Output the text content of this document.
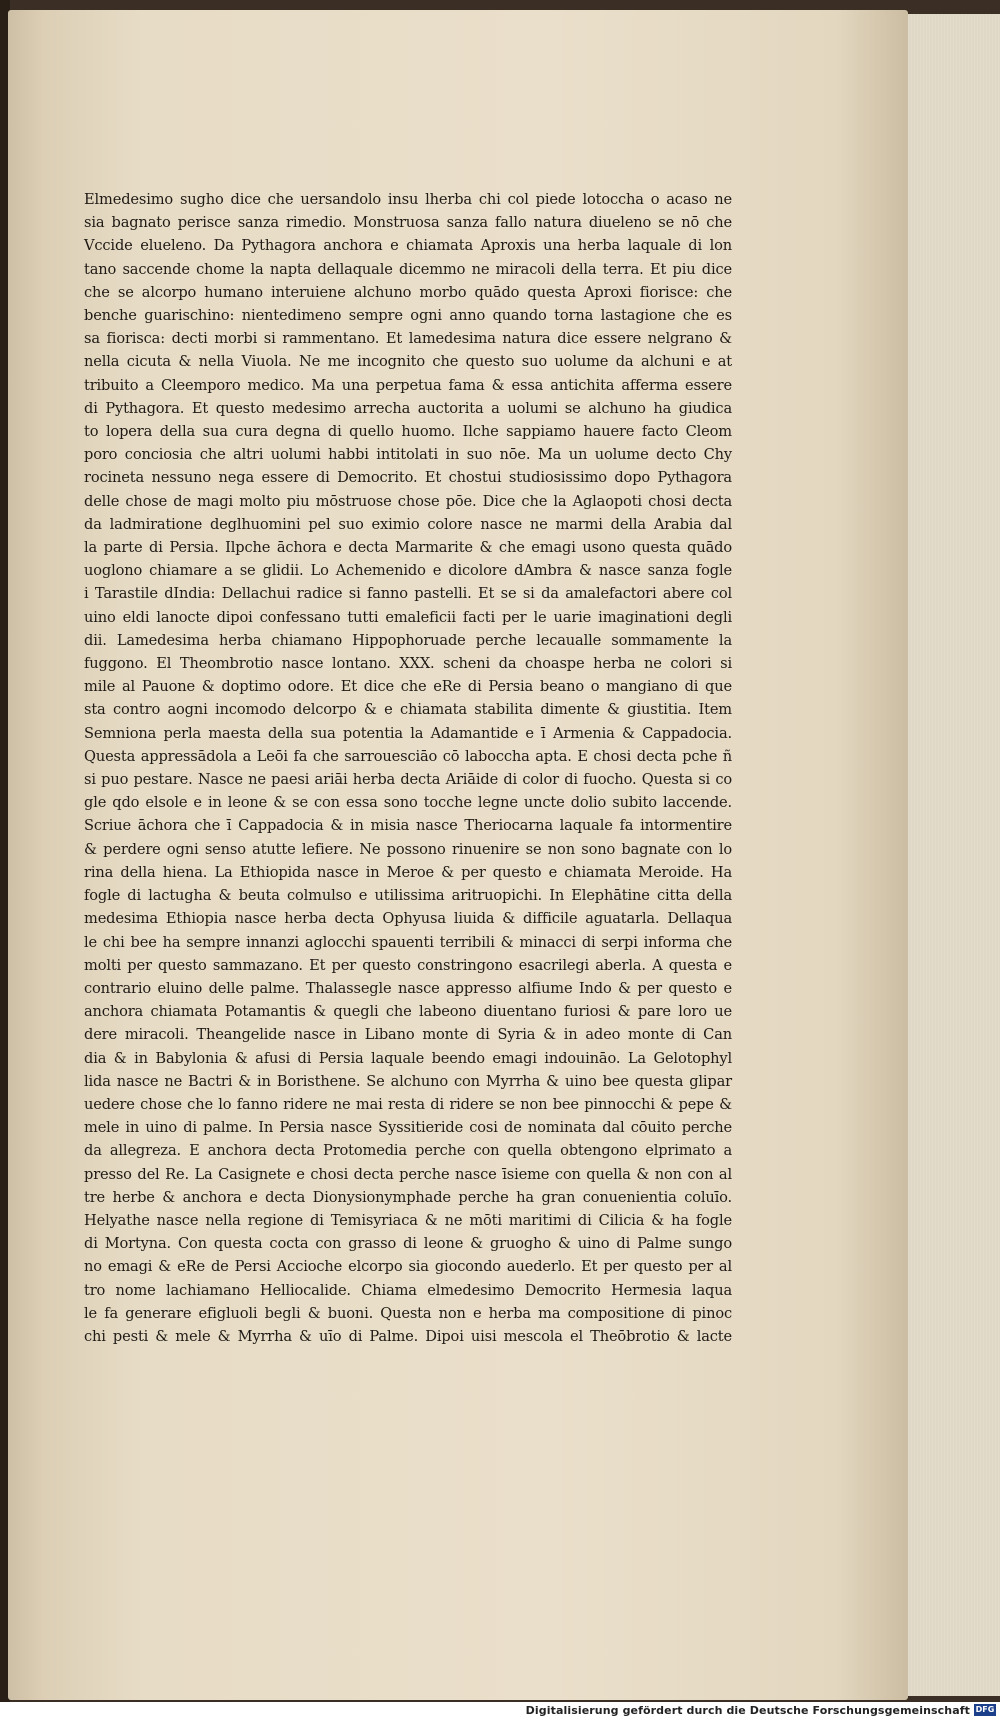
Elmedesimo sugho dice che uersandolo insu lherba chi col piede lotoccha o acaso ne
sia bagnato perisce sanza rimedio. Monstruosa sanza fallo natura diueleno se nō che
Vccide elueleno. Da Pythagora anchora e chiamata Aproxis una herba laquale di lon
tano saccende chome la napta dellaquale dicemmo ne miracoli della terra. Et piu dice
che se alcorpo humano interuiene alchuno morbo quādo questa Aproxi fiorisce: che
benche guarischino: nientedimeno sempre ogni anno quando torna lastagione che es
sa fiorisca: decti morbi si rammentano. Et lamedesima natura dice essere nelgrano &
nella cicuta & nella Viuola. Ne me incognito che questo suo uolume da alchuni e at
tribuito a Cleemporo medico. Ma una perpetua fama & essa antichita afferma essere
di Pythagora. Et questo medesimo arrecha auctorita a uolumi se alchuno ha giudica
to lopera della sua cura degna di quello huomo. Ilche sappiamo hauere facto Cleom
poro conciosia che altri uolumi habbi intitolati in suo nōe. Ma un uolume decto Chy
rocineta nessuno nega essere di Democrito. Et chostui studiosissimo dopo Pythagora
delle chose de magi molto piu mōstruose chose pōe. Dice che la Aglaopoti chosi decta
da ladmiratione deglhuomini pel suo eximio colore nasce ne marmi della Arabia dal
la parte di Persia. Ilpche āchora e decta Marmarite & che emagi usono questa quādo
uoglono chiamare a se glidii. Lo Achemenido e dicolore dAmbra & nasce sanza fogle
i Tarastile dIndia: Dellachui radice si fanno pastelli. Et se si da amalefactori abere col
uino eldi lanocte dipoi confessano tutti emaleficii facti per le uarie imaginationi degli
dii. Lamedesima herba chiamano Hippophoruade perche lecaualle sommamente la
fuggono. El Theombrotio nasce lontano. XXX. scheni da choaspe herba ne colori si
mile al Pauone & doptimo odore. Et dice che eRe di Persia beano o mangiano di que
sta contro aogni incomodo delcorpo & e chiamata stabilita dimente & giustitia. Item
Semniona perla maesta della sua potentia la Adamantide e ī Armenia & Cappadocia.
Questa appressādola a Leōi fa che sarrouesciāo cō labocchа apta. E chosi decta pche ñ
si puo pestare. Nasce ne paesi ariāi herba decta Ariāide di color di fuocho. Questa si co
gle qdo elsole e in leone & se con essa sono tocche legne uncte dolio subito laccende.
Scriue āchora che ī Cappadocia & in misia nasce Theriocarna laquale fa intormentire
& perdere ogni senso atutte lefiere. Ne possono rinuenire se non sono bagnate con lo
rina della hiena. La Ethiopida nasce in Meroe & per questo e chiamata Meroide. Ha
fogle di lactugha & beuta colmulso e utilissima aritruopichi. In Elephātine citta della
medesima Ethiopia nasce herba decta Ophyusa liuida & difficile aguatarla. Dellaqua
le chi bee ha sempre innanzi aglocchi spauenti terribili & minacci di serpi informa che
molti per questo sammazano. Et per questo constringono esacrilegi aberla. A questa e
contrario eluino delle palme. Thalassegle nasce appresso alfiume Indo & per questo e
anchora chiamata Potamantis & quegli che labeono diuentano furiosi & pare loro ue
dere miracoli. Theangelide nasce in Libano monte di Syria & in adeo monte di Can
dia & in Babylonia & afusi di Persia laquale beendo emagi indouināo. La Gelotophyl
lida nasce ne Bactri & in Boristhene. Se alchuno con Myrrha & uino bee questa glipar
uedere chose che lo fanno ridere ne mai resta di ridere se non bee pinnocchi & pepe &
mele in uino di palme. In Persia nasce Syssitieride cosi de nominata dal cōuito perche
da allegreza. E anchora decta Protomedia perche con quella obtengono elprimato a
presso del Re. La Casignete e chosi decta perche nasce īsieme con quella & non con al
tre herbe & anchora e decta Dionysionymphade perche ha gran conuenientia coluīo.
Helyathe nasce nella regione di Temisyriaca & ne mōti maritimi di Cilicia & ha fogle
di Mortyna. Con questa cocta con grasso di leone & gruogho & uino di Palme sungo
no emagi & eRe de Persi Accioche elcorpo sia giocondo auederlo. Et per questo per al
tro nome lachiamano Helliocalide. Chiama elmedesimo Democrito Hermesia laqua
le fa generare efigluoli begli & buoni. Questa non e herba ma compositione di pinoc
chi pesti & mele & Myrrha & uīo di Palme. Dipoi uisi mescola el Theōbrotio & lacte
Digitalisierung gefördert durch die Deutsche Forschungsgemeinschaft DFG
